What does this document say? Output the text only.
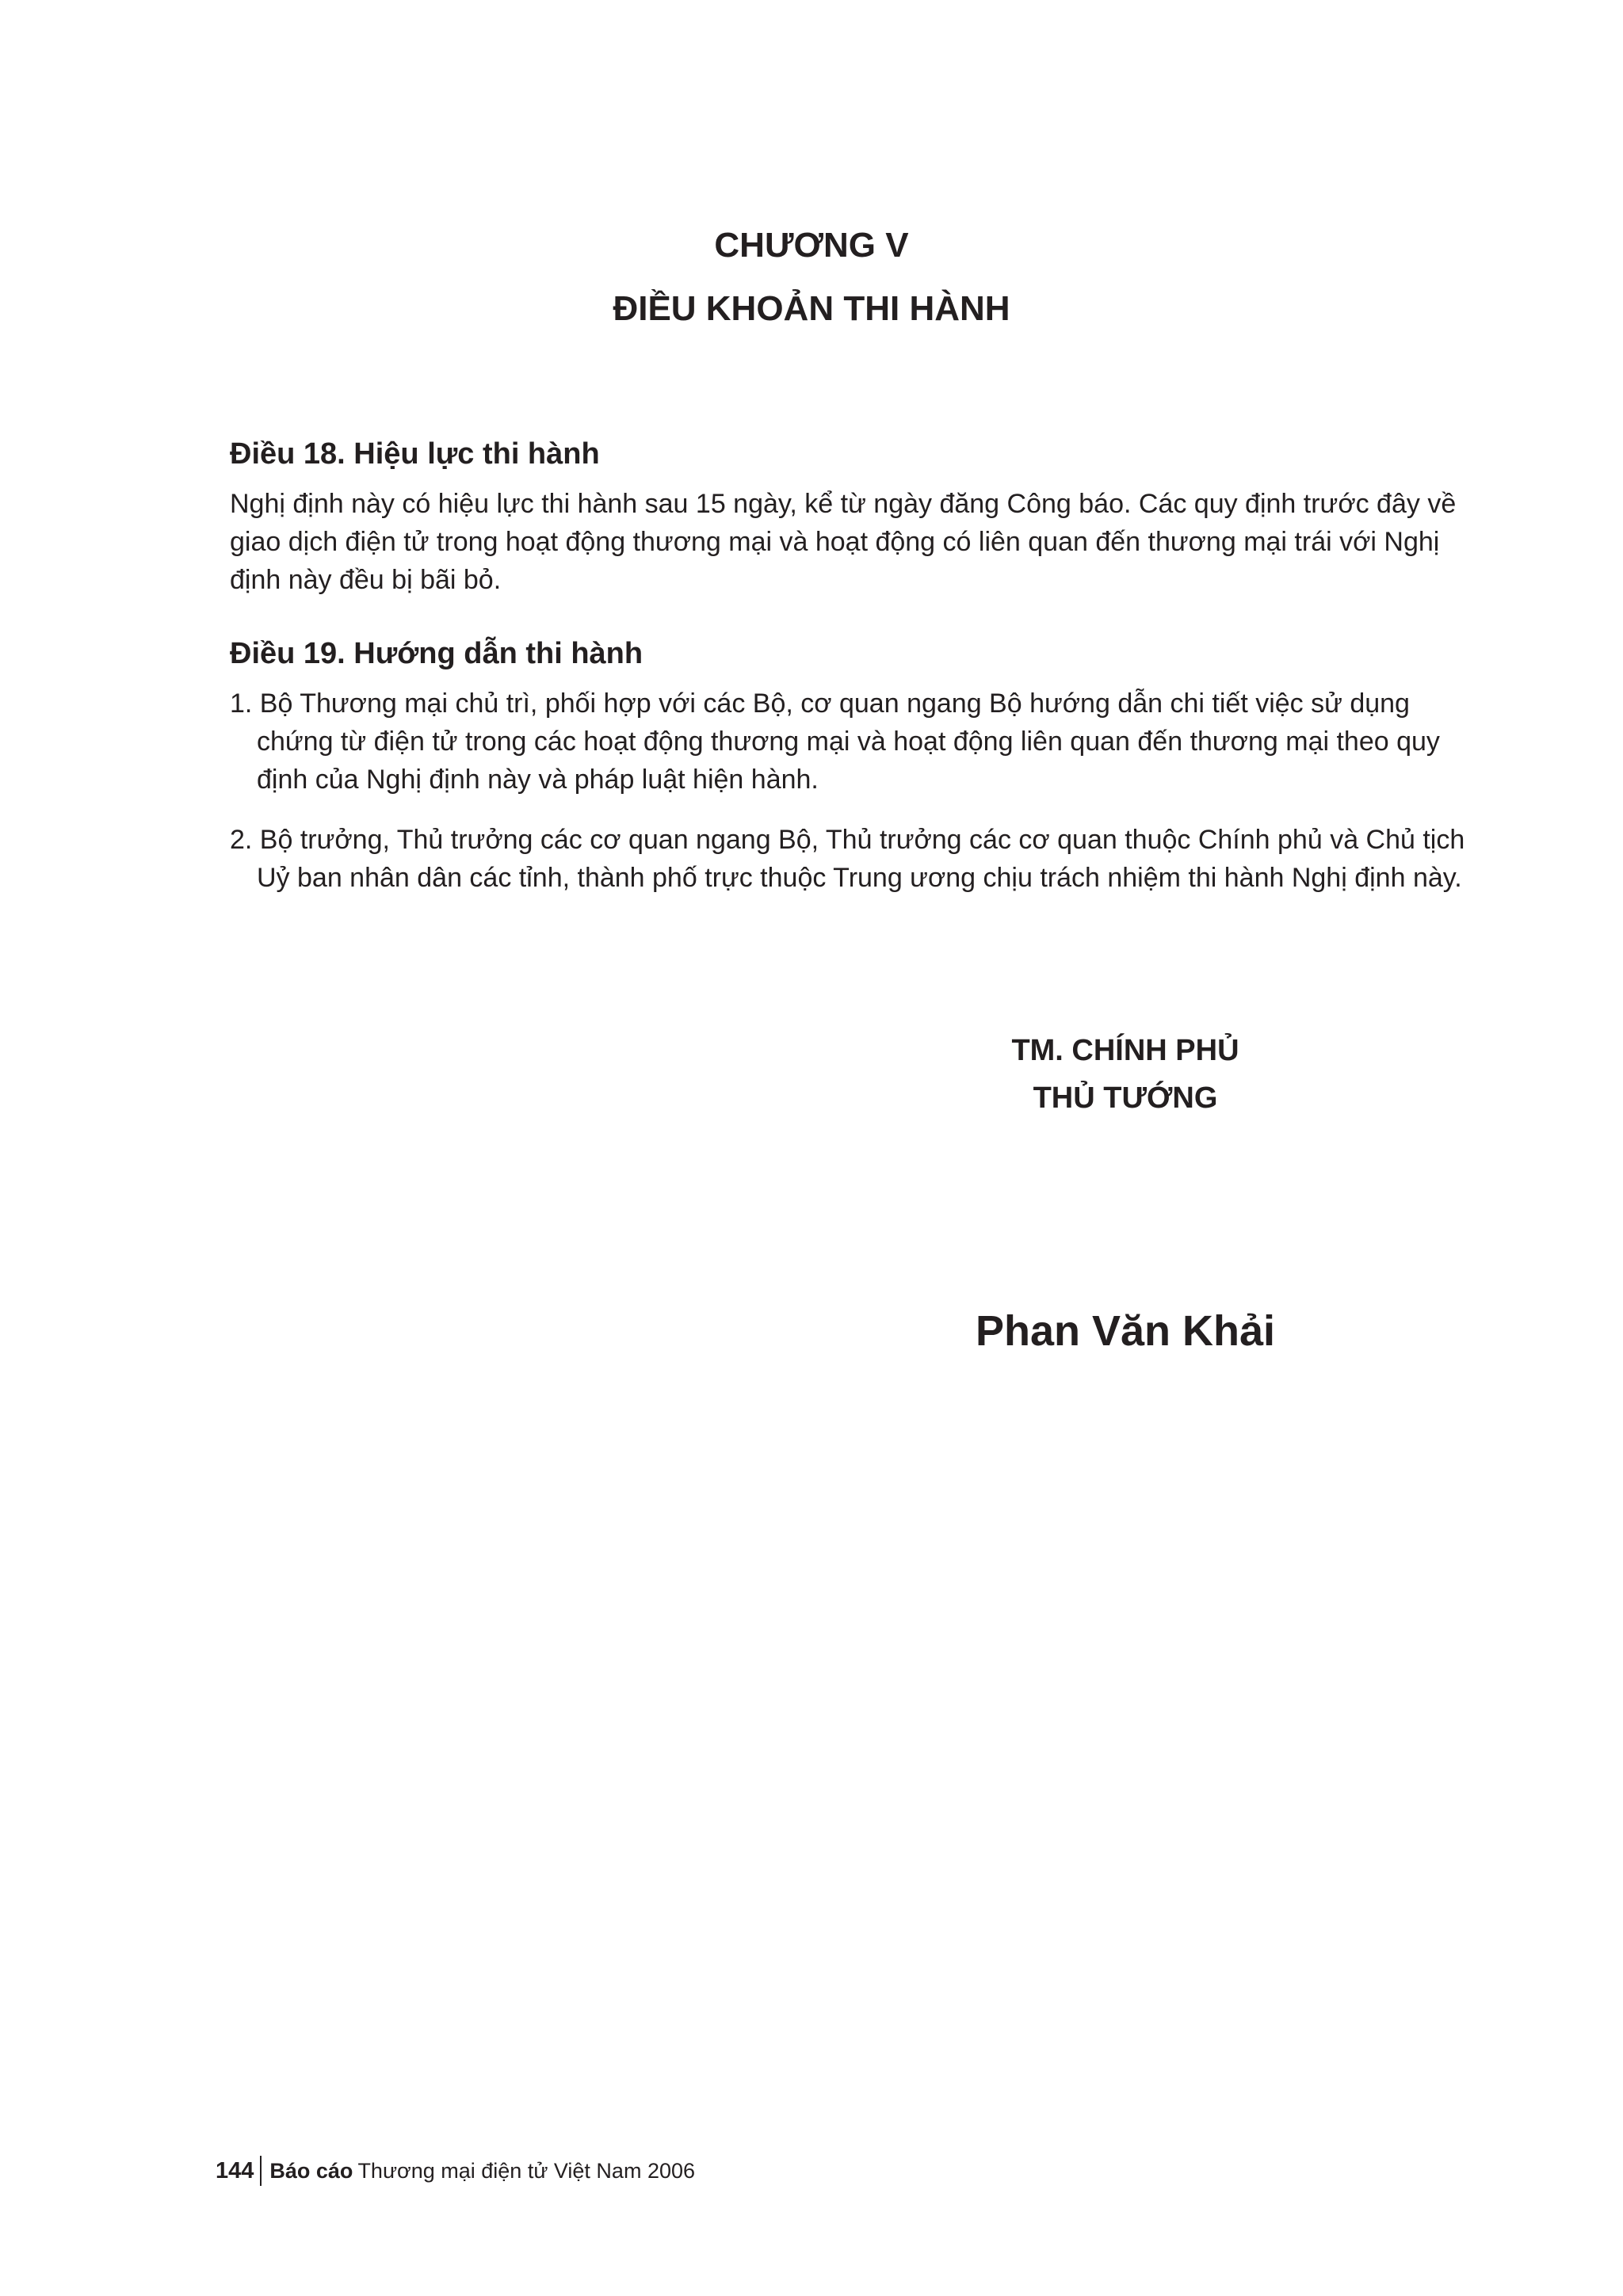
CHƯƠNG V
ĐIỀU KHOẢN THI HÀNH
Điều 18. Hiệu lực thi hành

Nghị định này có hiệu lực thi hành sau 15 ngày, kể từ ngày đăng Công báo. Các quy định trước đây về giao dịch điện tử trong hoạt động thương mại và hoạt động có liên quan đến thương mại trái với Nghị định này đều bị bãi bỏ.

Điều 19. Hướng dẫn thi hành

1. Bộ Thương mại chủ trì, phối hợp với các Bộ, cơ quan ngang Bộ hướng dẫn chi tiết việc sử dụng chứng từ điện tử trong các hoạt động thương mại và hoạt động liên quan đến thương mại theo quy định của Nghị định này và pháp luật hiện hành.

2. Bộ trưởng, Thủ trưởng các cơ quan ngang Bộ, Thủ trưởng các cơ quan thuộc Chính phủ và Chủ tịch Uỷ ban nhân dân các tỉnh, thành phố trực thuộc Trung ương chịu trách nhiệm thi hành Nghị định này.

TM. CHÍNH PHỦ
THỦ TƯỚNG
Phan Văn Khải
144 Báo cáo Thương mại điện tử Việt Nam 2006
